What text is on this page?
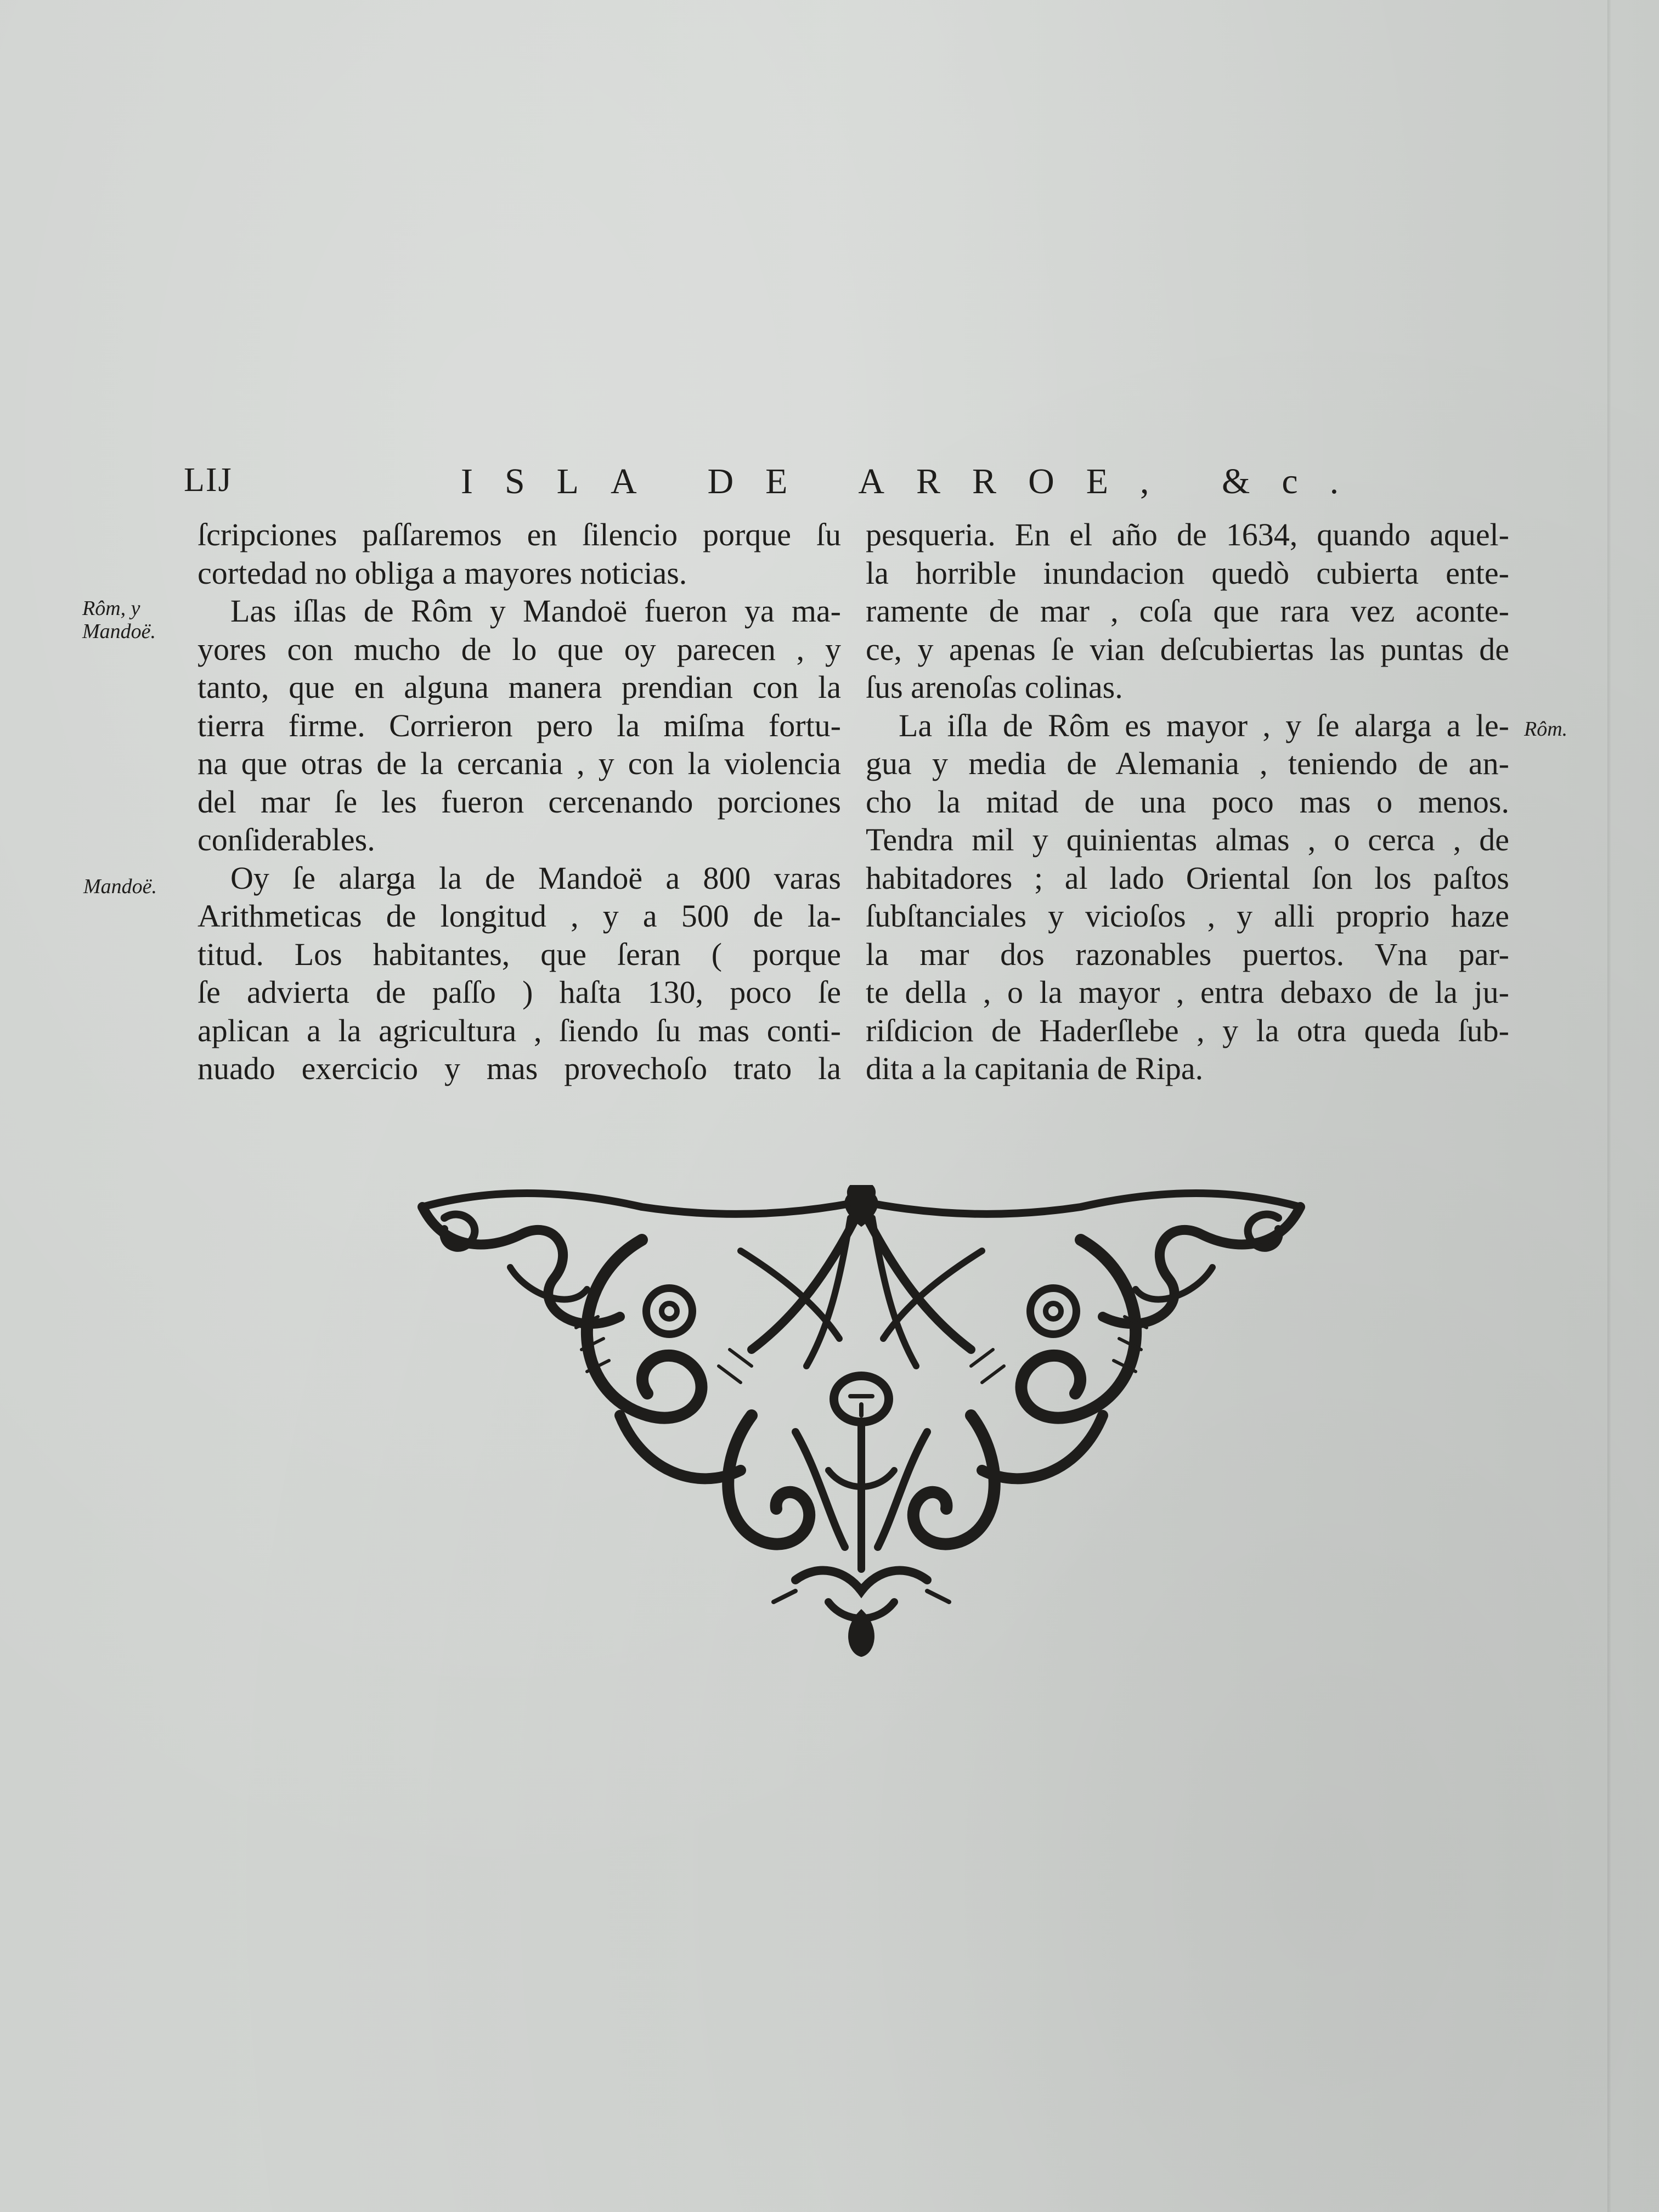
LIJ	ISLA DE ARROE, &c.
Rôm, y
Mandoë.
Mandoë.
Rôm.
ſcripciones paſſaremos en ſilencio porque ſu
cortedad no obliga a mayores noticias.
Las iſlas de Rôm y Mandoë fueron ya ma-
yores con mucho de lo que oy parecen , y
tanto, que en alguna manera prendian con la
tierra firme. Corrieron pero la miſma fortu-
na que otras de la cercania , y con la violencia
del mar ſe les fueron cercenando porciones
conſiderables.
Oy ſe alarga la de Mandoë a 800 varas
Arithmeticas de longitud , y a 500 de la-
titud. Los habitantes, que ſeran ( porque
ſe advierta de paſſo ) haſta 130, poco ſe
aplican a la agricultura , ſiendo ſu mas conti-
nuado exercicio y mas provechoſo trato la
pesqueria. En el año de 1634, quando aquel-
la horrible inundacion quedò cubierta ente-
ramente de mar , coſa que rara vez aconte-
ce, y apenas ſe vian deſcubiertas las puntas de
ſus arenoſas colinas.
La iſla de Rôm es mayor , y ſe alarga a le-
gua y media de Alemania , teniendo de an-
cho la mitad de una poco mas o menos.
Tendra mil y quinientas almas , o cerca , de
habitadores ; al lado Oriental ſon los paſtos
ſubſtanciales y vicioſos , y alli proprio haze
la mar dos razonables puertos. Vna par-
te della , o la mayor , entra debaxo de la ju-
riſdicion de Haderſlebe , y la otra queda ſub-
dita a la capitania de Ripa.
